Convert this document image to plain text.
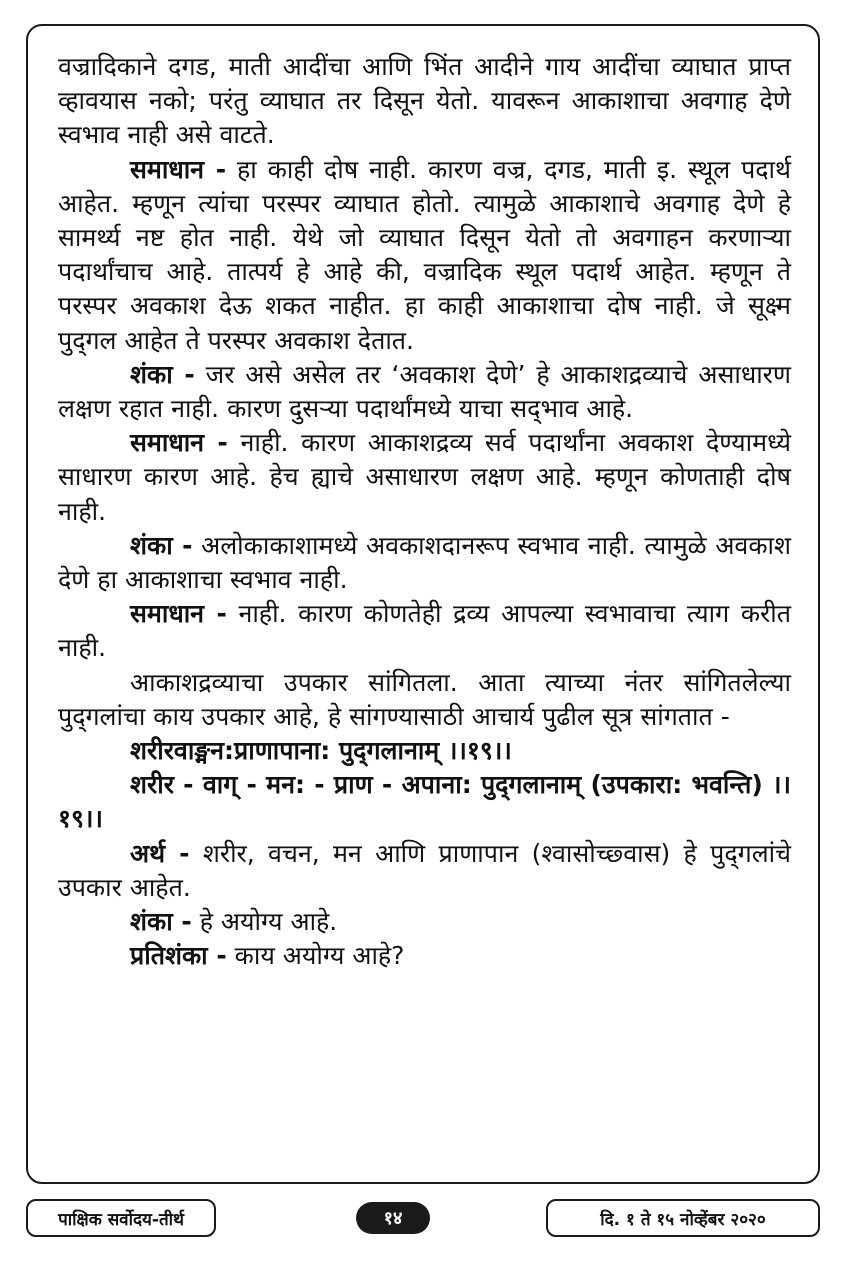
वज्रादिकाने दगड, माती आदींचा आणि भिंत आदीने गाय आदींचा व्याघात प्राप्त व्हावयास नको; परंतु व्याघात तर दिसून येतो. यावरून आकाशाचा अवगाह देणे स्वभाव नाही असे वाटते.

समाधान - हा काही दोष नाही. कारण वज्र, दगड, माती इ. स्थूल पदार्थ आहेत. म्हणून त्यांचा परस्पर व्याघात होतो. त्यामुळे आकाशाचे अवगाह देणे हे सामर्थ्य नष्ट होत नाही. येथे जो व्याघात दिसून येतो तो अवगाहन करणाऱ्या पदार्थांचाच आहे. तात्पर्य हे आहे की, वज्रादिक स्थूल पदार्थ आहेत. म्हणून ते परस्पर अवकाश देऊ शकत नाहीत. हा काही आकाशाचा दोष नाही. जे सूक्ष्म पुद्‍गल आहेत ते परस्पर अवकाश देतात.

शंका - जर असे असेल तर ‘अवकाश देणे’ हे आकाशद्रव्याचे असाधारण लक्षण रहात नाही. कारण दुसऱ्या पदार्थांमध्ये याचा सद्‍भाव आहे.

समाधान - नाही. कारण आकाशद्रव्य सर्व पदार्थांना अवकाश देण्यामध्ये साधारण कारण आहे. हेच ह्याचे असाधारण लक्षण आहे. म्हणून कोणताही दोष नाही.

शंका - अलोकाकाशामध्ये अवकाशदानरूप स्वभाव नाही. त्यामुळे अवकाश देणे हा आकाशाचा स्वभाव नाही.

समाधान - नाही. कारण कोणतेही द्रव्य आपल्या स्वभावाचा त्याग करीत नाही.

आकाशद्रव्याचा उपकार सांगितला. आता त्याच्या नंतर सांगितलेल्या पुद्‍गलांचा काय उपकार आहे, हे सांगण्यासाठी आचार्य पुढील सूत्र सांगतात -

शरीरवाङ्मन:प्राणापाना: पुद्‍गलानाम् ।।१९।।

शरीर - वाग् - मन: - प्राण - अपाना: पुद्‍गलानाम् (उपकारा: भवन्ति) ।।१९।।

अर्थ - शरीर, वचन, मन आणि प्राणापान (श्वासोच्छ्‍वास) हे पुद्‍गलांचे उपकार आहेत.

शंका - हे अयोग्य आहे.

प्रतिशंका - काय अयोग्य आहे?

पाक्षिक सर्वोदय-तीर्थ	१४	दि. १ ते १५ नोव्हेंबर २०२०
